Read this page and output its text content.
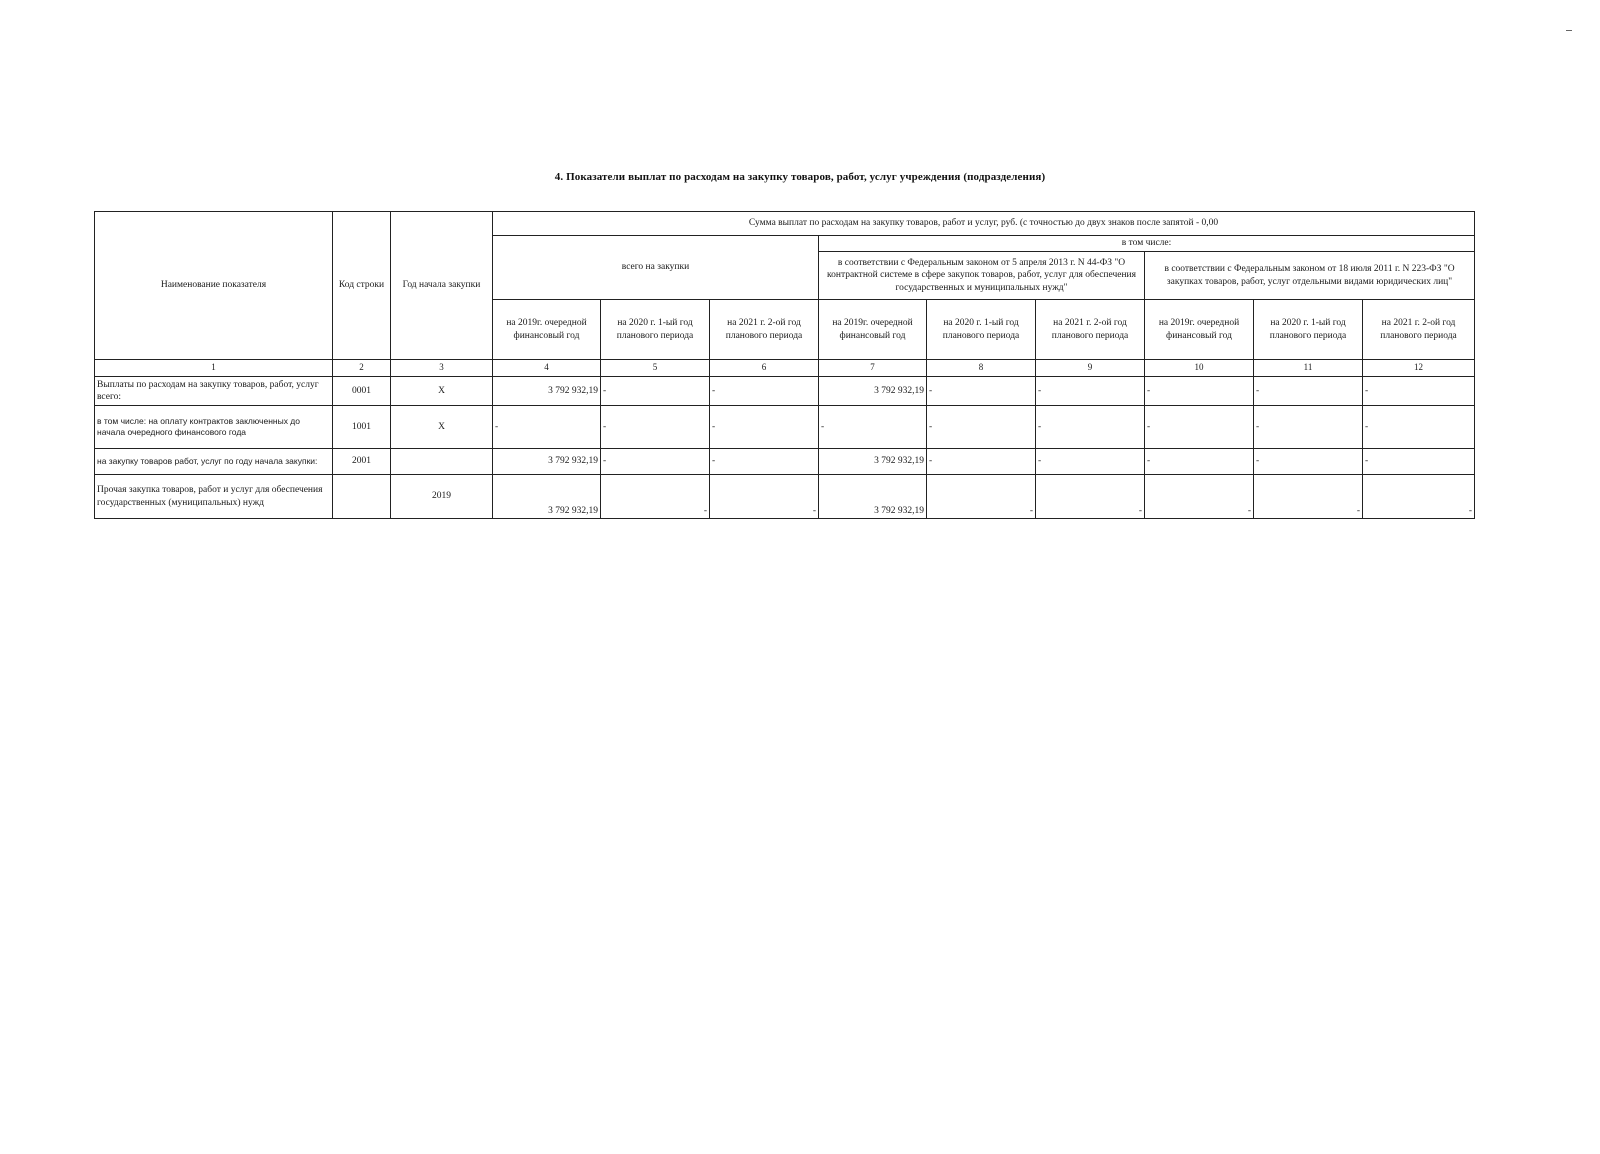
4. Показатели выплат по расходам на закупку товаров, работ, услуг учреждения (подразделения)
Наименование показателя	Код строки	Год начала закупки	Сумма выплат по расходам на закупку товаров, работ и услуг, руб. (с точностью до двух знаков после запятой - 0,00								
			всего на закупки			в том числе:					
						в соответствии с Федеральным законом от 5 апреля 2013 г. N 44-ФЗ "О контрактной системе в сфере закупок товаров, работ, услуг для обеспечения государственных и муниципальных нужд"			в соответствии с Федеральным законом от 18 июля 2011 г. N 223-ФЗ "О закупках товаров, работ, услуг отдельными видами юридических лиц"		
			на 2019г. очередной финансовый год	на 2020 г. 1-ый год планового периода	на 2021 г. 2-ой год планового периода	на 2019г. очередной финансовый год	на 2020 г. 1-ый год планового периода	на 2021 г. 2-ой год планового периода	на 2019г. очередной финансовый год	на 2020 г. 1-ый год планового периода	на 2021 г. 2-ой год планового периода
1	2	3	4	5	6	7	8	9	10	11	12
Выплаты по расходам на закупку товаров, работ, услуг всего:	0001	X	3 792 932,19	-	-	3 792 932,19	-	-	-	-	-
в том числе: на оплату контрактов заключенных до начала очередного финансового года	1001	X	-	-	-	-	-	-	-	-	-
на закупку товаров работ, услуг по году начала закупки:	2001		3 792 932,19	-	-	3 792 932,19	-	-	-	-	-
Прочая закупка товаров, работ и услуг для обеспечения государственных (муниципальных) нужд		2019	3 792 932,19	-	-	3 792 932,19	-	-	-	-	-
